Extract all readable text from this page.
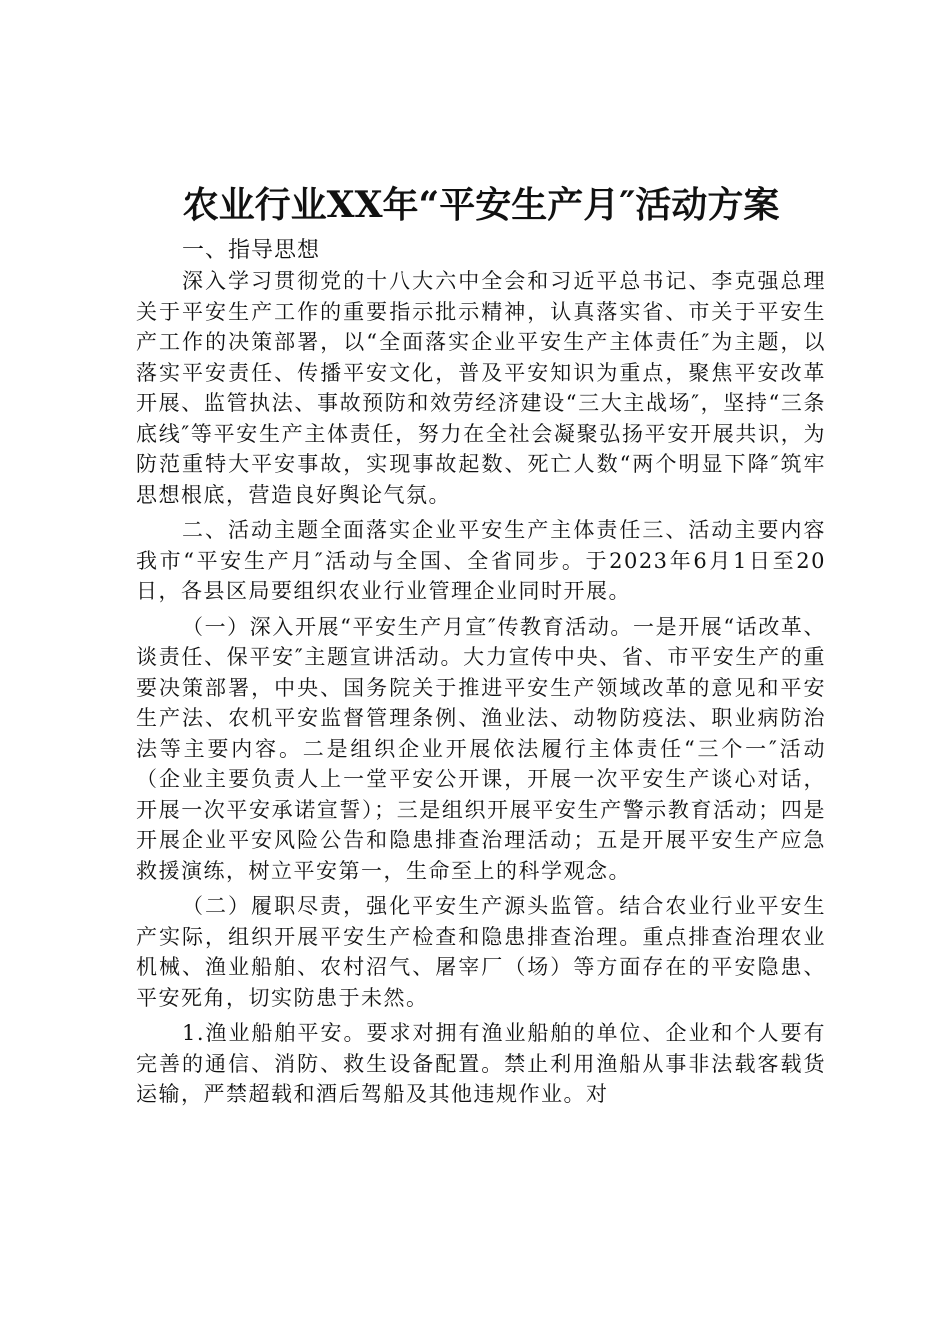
农业行业XX年“平安生产月″活动方案

一、指导思想

深入学习贯彻党的十八大六中全会和习近平总书记、李克强总理关于平安生产工作的重要指示批示精神，认真落实省、市关于平安生产工作的决策部署，以“全面落实企业平安生产主体责任″为主题，以落实平安责任、传播平安文化，普及平安知识为重点，聚焦平安改革开展、监管执法、事故预防和效劳经济建设“三大主战场″，坚持“三条底线″等平安生产主体责任，努力在全社会凝聚弘扬平安开展共识，为防范重特大平安事故，实现事故起数、死亡人数“两个明显下降″筑牢思想根底，营造良好舆论气氛。

二、活动主题全面落实企业平安生产主体责任三、活动主要内容我市“平安生产月″活动与全国、全省同步。于2023年6月1日至20日，各县区局要组织农业行业管理企业同时开展。

（一）深入开展“平安生产月宣″传教育活动。一是开展“话改革、谈责任、保平安″主题宣讲活动。大力宣传中央、省、市平安生产的重要决策部署，中央、国务院关于推进平安生产领域改革的意见和平安生产法、农机平安监督管理条例、渔业法、动物防疫法、职业病防治法等主要内容。二是组织企业开展依法履行主体责任“三个一″活动（企业主要负责人上一堂平安公开课，开展一次平安生产谈心对话，开展一次平安承诺宣誓）；三是组织开展平安生产警示教育活动；四是开展企业平安风险公告和隐患排查治理活动；五是开展平安生产应急救援演练，树立平安第一，生命至上的科学观念。

（二）履职尽责，强化平安生产源头监管。结合农业行业平安生产实际，组织开展平安生产检查和隐患排查治理。重点排查治理农业机械、渔业船舶、农村沼气、屠宰厂（场）等方面存在的平安隐患、平安死角，切实防患于未然。

1.渔业船舶平安。要求对拥有渔业船舶的单位、企业和个人要有完善的通信、消防、救生设备配置。禁止利用渔船从事非法载客载货运输，严禁超载和酒后驾船及其他违规作业。对
